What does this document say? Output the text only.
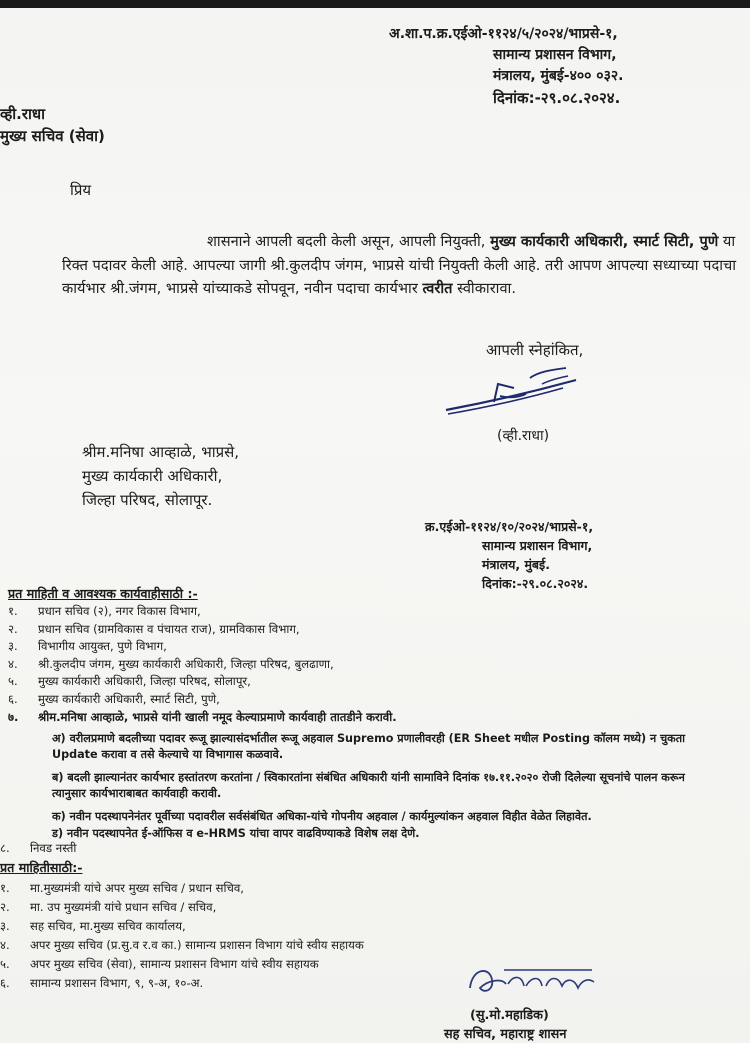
अ.शा.प.क्र.एईओ-११२४/५/२०२४/भाप्रसे-१,
सामान्य प्रशासन विभाग,
मंत्रालय, मुंबई-४०० ०३२.
दिनांक:-२९.०८.२०२४.
व्ही.राधा
मुख्य सचिव (सेवा)
प्रिय
शासनाने आपली बदली केली असून, आपली नियुक्ती, मुख्य कार्यकारी अधिकारी, स्मार्ट सिटी, पुणे या रिक्त पदावर केली आहे. आपल्या जागी श्री.कुलदीप जंगम, भाप्रसे यांची नियुक्ती केली आहे. तरी आपण आपल्या सध्याच्या पदाचा कार्यभार श्री.जंगम, भाप्रसे यांच्याकडे सोपवून, नवीन पदाचा कार्यभार त्वरीत स्वीकारावा.
आपली स्नेहांकित,
(व्ही.राधा)
श्रीम.मनिषा आव्हाळे, भाप्रसे,
मुख्य कार्यकारी अधिकारी,
जिल्हा परिषद, सोलापूर.
क्र.एईओ-११२४/१०/२०२४/भाप्रसे-१,
सामान्य प्रशासन विभाग,
मंत्रालय, मुंबई.
दिनांक:-२९.०८.२०२४.
प्रत माहिती व आवश्यक कार्यवाहीसाठी :-
१. प्रधान सचिव (२), नगर विकास विभाग,
२. प्रधान सचिव (ग्रामविकास व पंचायत राज), ग्रामविकास विभाग,
३. विभागीय आयुक्त, पुणे विभाग,
४. श्री.कुलदीप जंगम, मुख्य कार्यकारी अधिकारी, जिल्हा परिषद, बुलढाणा,
५. मुख्य कार्यकारी अधिकारी, जिल्हा परिषद, सोलापूर,
६. मुख्य कार्यकारी अधिकारी, स्मार्ट सिटी, पुणे,
७. श्रीम.मनिषा आव्हाळे, भाप्रसे यांनी खाली नमूद केल्याप्रमाणे कार्यवाही तातडीने करावी.
अ) वरीलप्रमाणे बदलीच्या पदावर रूजू झाल्यासंदर्भातील रूजू अहवाल Supremo प्रणालीवरही (ER Sheet मधील Posting कॉलम मध्ये) न चुकता Update करावा व तसे केल्याचे या विभागास कळवावे.
ब) बदली झाल्यानंतर कार्यभार हस्तांतरण करतांना / स्विकारतांना संबंधित अधिकारी यांनी सामाविने दिनांक १७.११.२०२० रोजी दिलेल्या सूचनांचे पालन करून त्यानुसार कार्यभाराबाबत कार्यवाही करावी.
क) नवीन पदस्थापनेनंतर पूर्वीच्या पदावरील सर्वसंबंधित अधिका-यांचे गोपनीय अहवाल / कार्यमुल्यांकन अहवाल विहीत वेळेत लिहावेत.
ड) नवीन पदस्थापनेत ई-ऑफिस व e-HRMS यांचा वापर वाढविण्याकडे विशेष लक्ष देणे.
८. निवड नस्ती
प्रत माहितीसाठी:-
१. मा.मुख्यमंत्री यांचे अपर मुख्य सचिव / प्रधान सचिव,
२. मा. उप मुख्यमंत्री यांचे प्रधान सचिव / सचिव,
३. सह सचिव, मा.मुख्य सचिव कार्यालय,
४. अपर मुख्य सचिव (प्र.सु.व र.व का.) सामान्य प्रशासन विभाग यांचे स्वीय सहायक
५. अपर मुख्य सचिव (सेवा), सामान्य प्रशासन विभाग यांचे स्वीय सहायक
६. सामान्य प्रशासन विभाग, ९, ९-अ, १०-अ.
(सु.मो.महाडिक)
सह सचिव, महाराष्ट्र शासन
